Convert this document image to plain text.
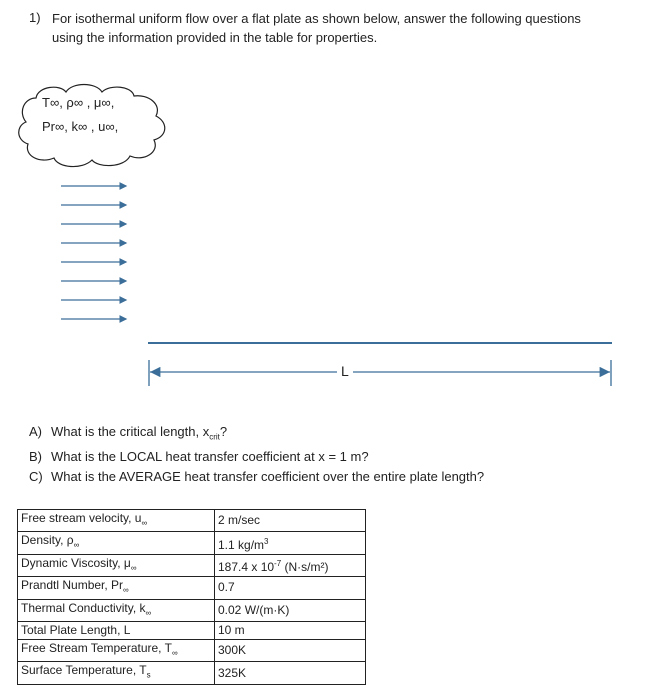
1) For isothermal uniform flow over a flat plate as shown below, answer the following questions using the information provided in the table for properties.
T∞, ρ∞ , μ∞,
Pr∞, k∞ , u∞,
L
A) What is the critical length, $x_{crit}$?
B) What is the LOCAL heat transfer coefficient at x = 1 m?
C) What is the AVERAGE heat transfer coefficient over the entire plate length?
Free stream velocity, $u_\infty$	2 m/sec
Density, $\rho_\infty$	1.1 $kg/m^3$
Dynamic Viscosity, $\mu_\infty$	187.4 x $10^{-7}$ (N·s/m²)
Prandtl Number, $Pr_\infty$	0.7
Thermal Conductivity, $k_\infty$	0.02 W/(m·K)
Total Plate Length, L	10 m
Free Stream Temperature, $T_\infty$	300K
Surface Temperature, $T_s$	325K
